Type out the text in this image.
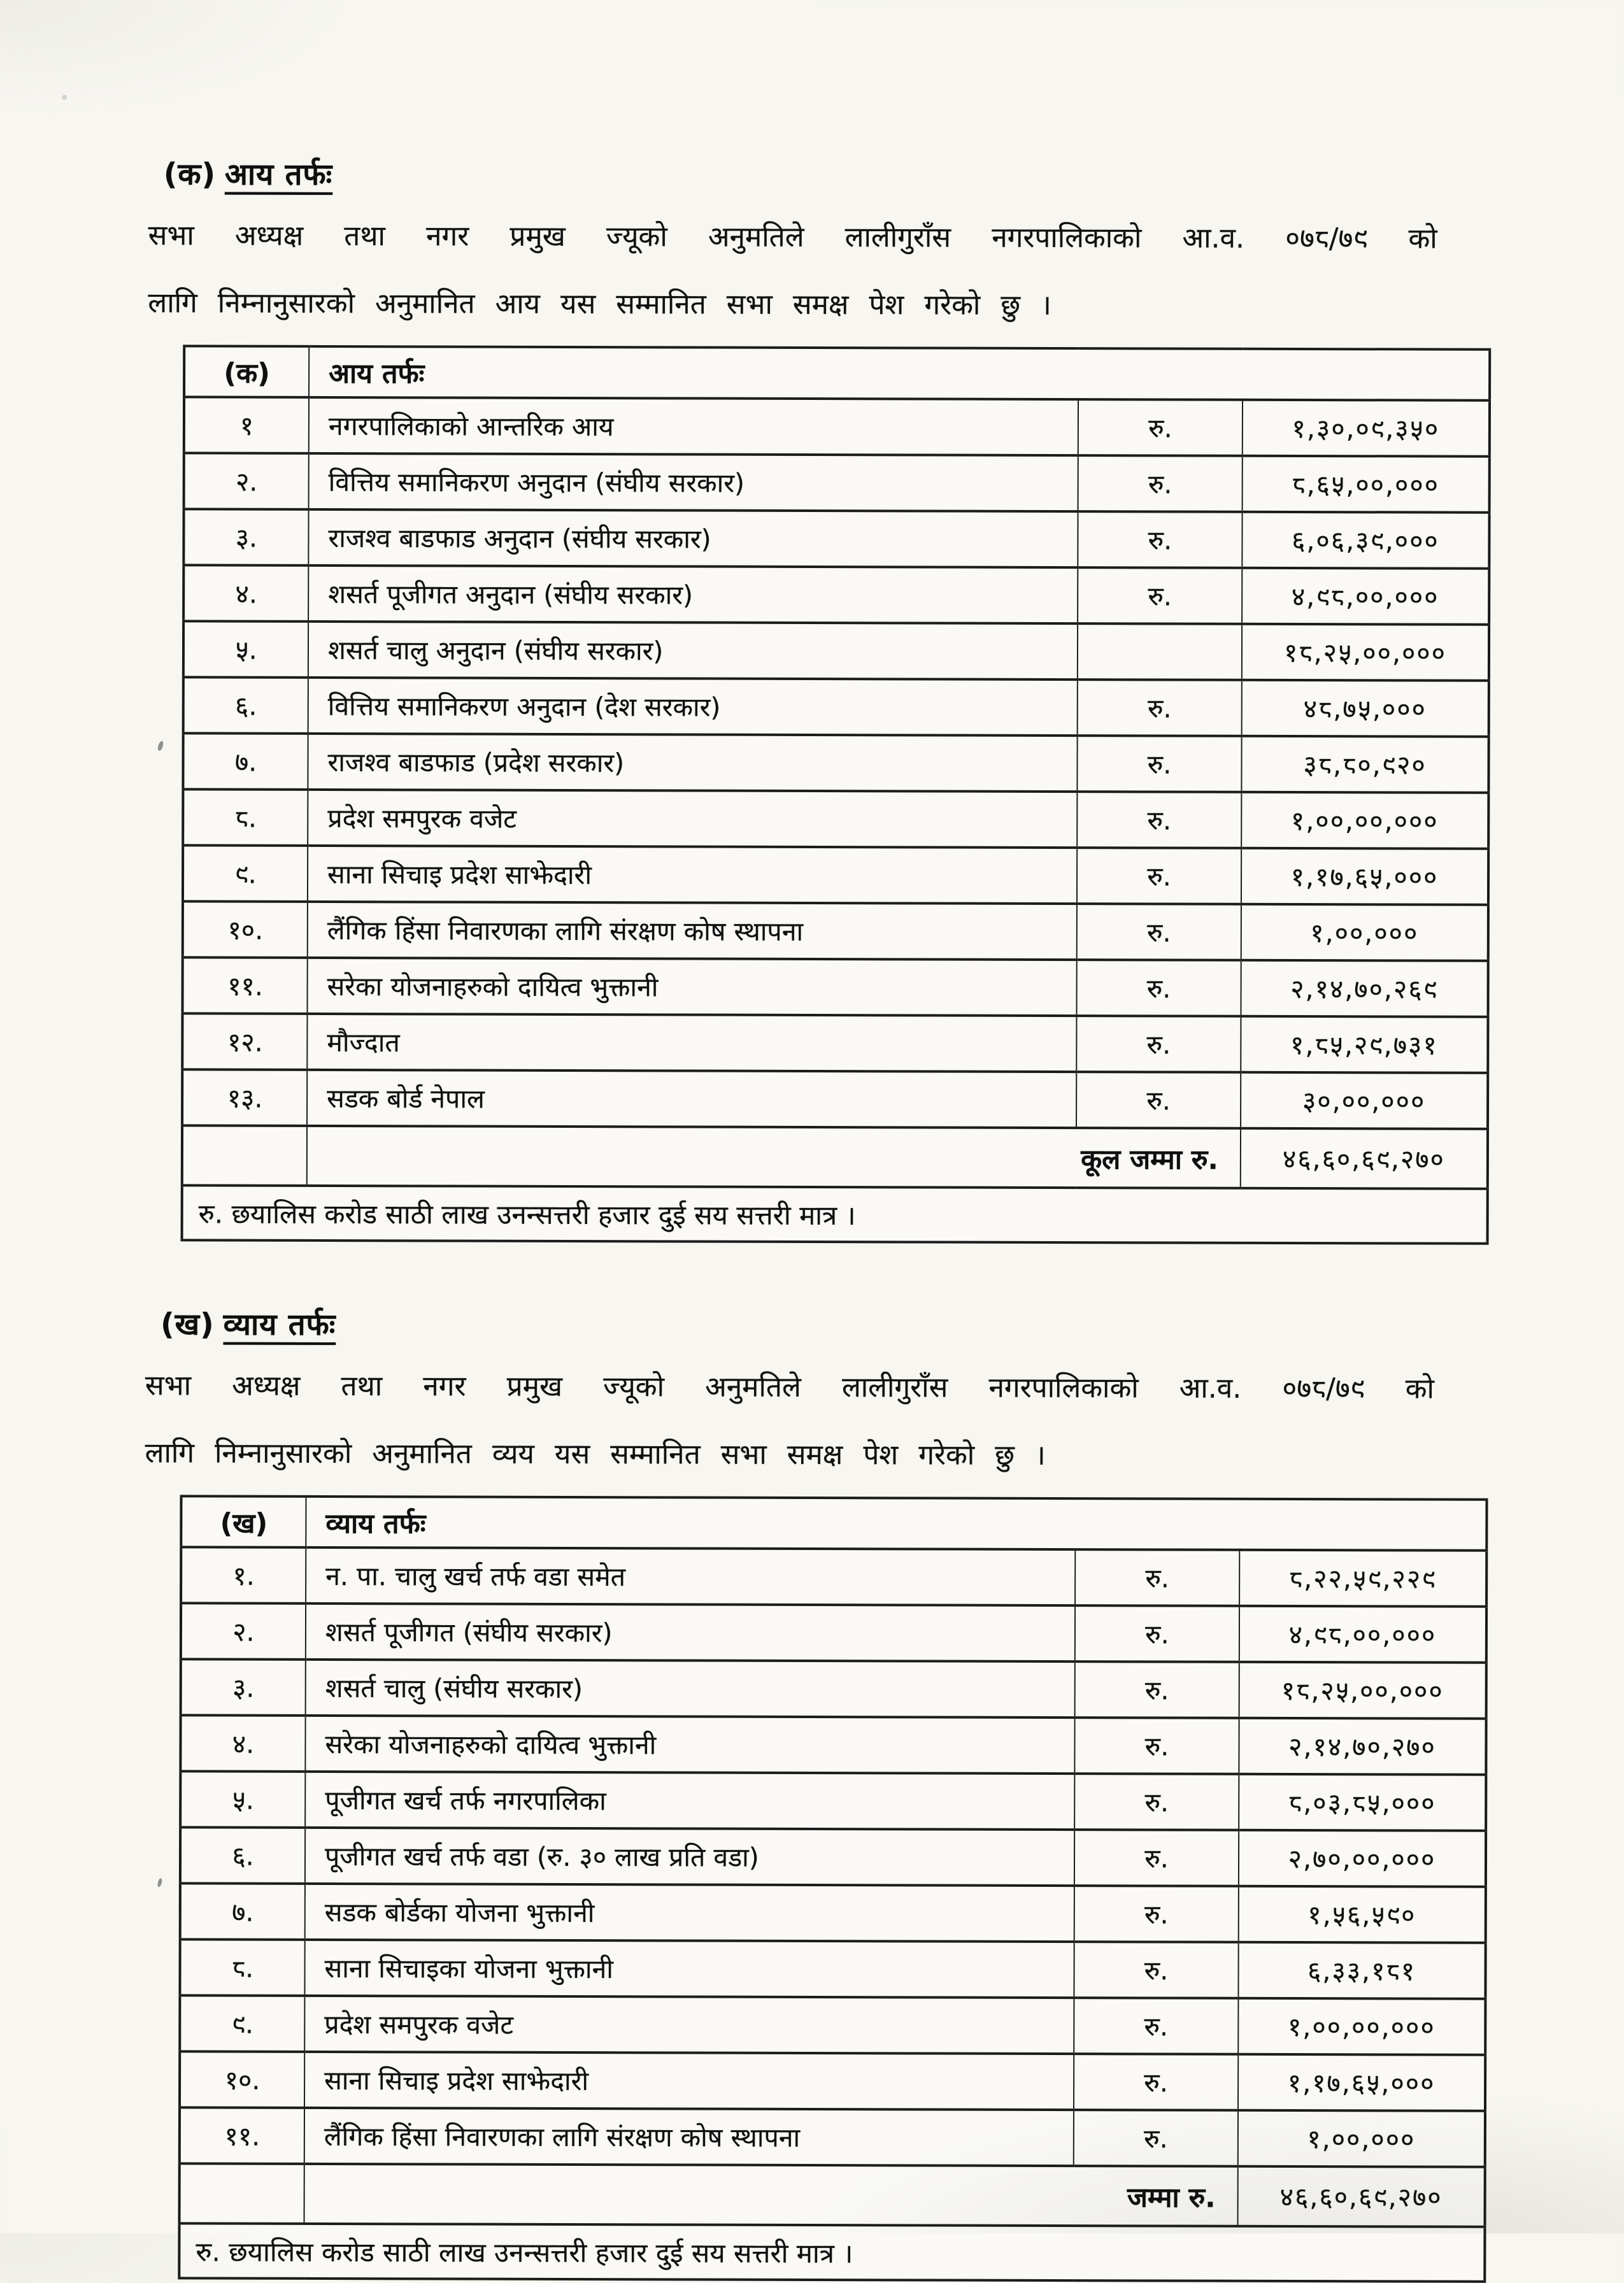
(क) आय तर्फः
सभा अध्यक्ष तथा नगर प्रमुख ज्यूको अनुमतिले लालीगुराँस नगरपालिकाको आ.व. ०७८/७९ को
लागि निम्नानुसारको अनुमानित आय यस सम्मानित सभा समक्ष पेश गरेको छु ।
(क)	आय तर्फः		
१	नगरपालिकाको आन्तरिक आय	रु.	१,३०,०९,३५०
२.	वित्तिय समानिकरण अनुदान (संघीय सरकार)	रु.	८,६५,००,०००
३.	राजश्व बाडफाड अनुदान (संघीय सरकार)	रु.	६,०६,३९,०००
४.	शसर्त पूजीगत अनुदान (संघीय सरकार)	रु.	४,९८,००,०००
५.	शसर्त चालु अनुदान (संघीय सरकार)		१८,२५,००,०००
६.	वित्तिय समानिकरण अनुदान (देश सरकार)	रु.	४८,७५,०००
७.	राजश्व बाडफाड (प्रदेश सरकार)	रु.	३८,८०,९२०
८.	प्रदेश समपुरक वजेट	रु.	१,००,००,०००
९.	साना सिचाइ प्रदेश साझेदारी	रु.	१,१७,६५,०००
१०.	लैंगिक हिंसा निवारणका लागि संरक्षण कोष स्थापना	रु.	१,००,०००
११.	सरेका योजनाहरुको दायित्व भुक्तानी	रु.	२,१४,७०,२६९
१२.	मौज्दात	रु.	१,८५,२९,७३१
१३.	सडक बोर्ड नेपाल	रु.	३०,००,०००
	कूल जम्मा रु.		४६,६०,६९,२७०
रु. छयालिस करोड साठी लाख उनन्सत्तरी हजार दुई सय सत्तरी मात्र ।			
(ख) व्याय तर्फः
सभा अध्यक्ष तथा नगर प्रमुख ज्यूको अनुमतिले लालीगुराँस नगरपालिकाको आ.व. ०७८/७९ को
लागि निम्नानुसारको अनुमानित व्यय यस सम्मानित सभा समक्ष पेश गरेको छु ।
(ख)	व्याय तर्फः		
१.	न. पा. चालु खर्च तर्फ वडा समेत	रु.	८,२२,५९,२२९
२.	शसर्त पूजीगत (संघीय सरकार)	रु.	४,९८,००,०००
३.	शसर्त चालु (संघीय सरकार)	रु.	१८,२५,००,०००
४.	सरेका योजनाहरुको दायित्व भुक्तानी	रु.	२,१४,७०,२७०
५.	पूजीगत खर्च तर्फ नगरपालिका	रु.	८,०३,८५,०००
६.	पूजीगत खर्च तर्फ वडा (रु. ३० लाख प्रति वडा)	रु.	२,७०,००,०००
७.	सडक बोर्डका योजना भुक्तानी	रु.	१,५६,५९०
८.	साना सिचाइका योजना भुक्तानी	रु.	६,३३,१८१
९.	प्रदेश समपुरक वजेट	रु.	१,००,००,०००
१०.	साना सिचाइ प्रदेश साझेदारी	रु.	१,१७,६५,०००
११.	लैंगिक हिंसा निवारणका लागि संरक्षण कोष स्थापना	रु.	१,००,०००
	जम्मा रु.		४६,६०,६९,२७०
रु. छयालिस करोड साठी लाख उनन्सत्तरी हजार दुई सय सत्तरी मात्र ।			
